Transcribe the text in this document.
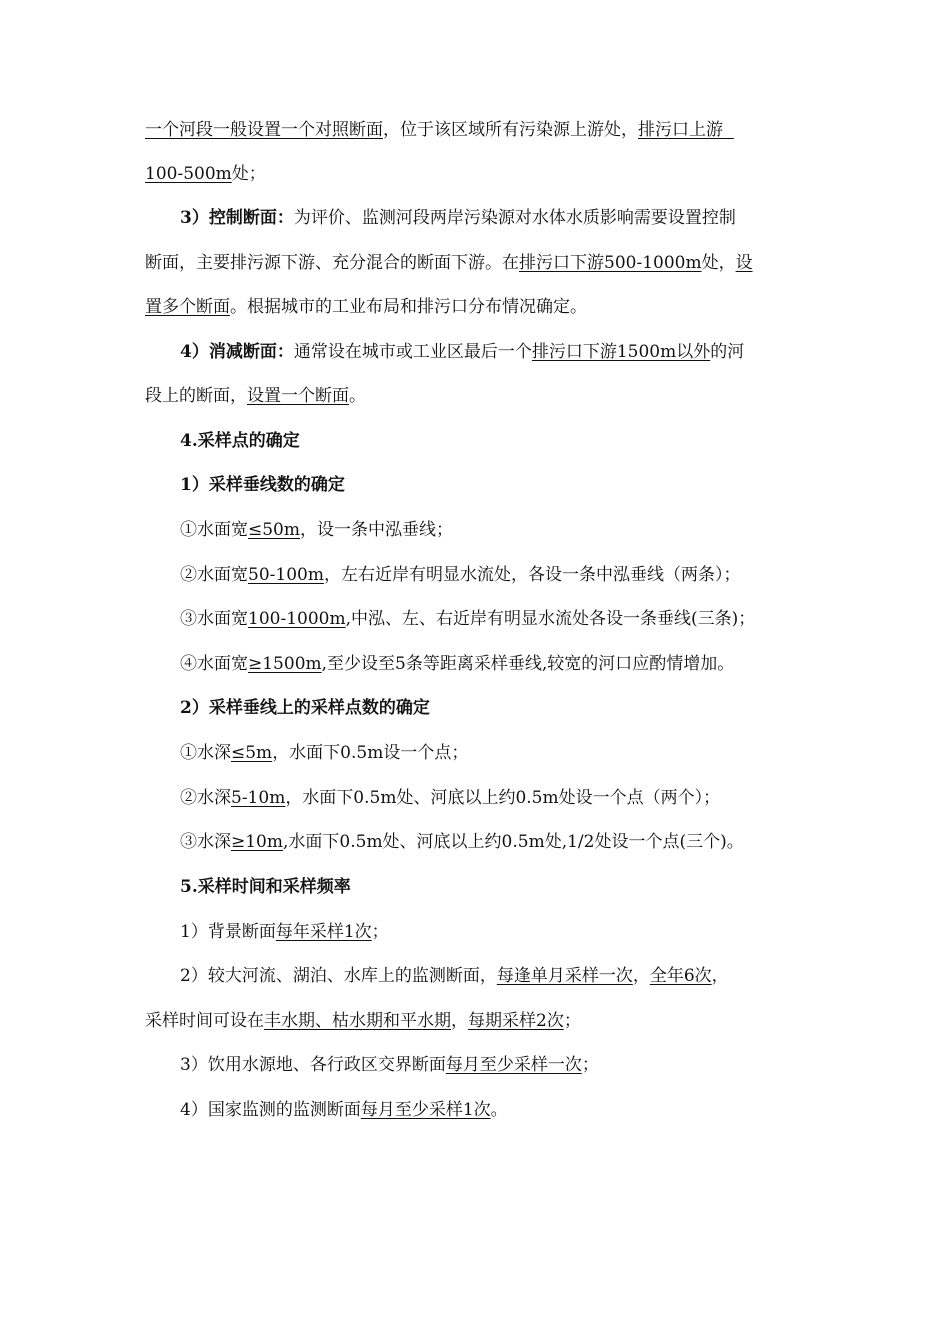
一个河段一般设置一个对照断面，位于该区域所有污染源上游处，排污口上游
100-500m处；
3）控制断面：为评价、监测河段两岸污染源对水体水质影响需要设置控制
断面，主要排污源下游、充分混合的断面下游。在排污口下游500-1000m处，设
置多个断面。根据城市的工业布局和排污口分布情况确定。
4）消减断面：通常设在城市或工业区最后一个排污口下游1500m以外的河
段上的断面，设置一个断面。
4.采样点的确定
1）采样垂线数的确定
①水面宽≤50m，设一条中泓垂线；
②水面宽50-100m，左右近岸有明显水流处，各设一条中泓垂线（两条）；
③水面宽100-1000m,中泓、左、右近岸有明显水流处各设一条垂线(三条)；
④水面宽≥1500m,至少设至5条等距离采样垂线,较宽的河口应酌情增加。
2）采样垂线上的采样点数的确定
①水深≤5m，水面下0.5m设一个点；
②水深5-10m，水面下0.5m处、河底以上约0.5m处设一个点（两个）；
③水深≥10m,水面下0.5m处、河底以上约0.5m处,1/2处设一个点(三个)。
5.采样时间和采样频率
1）背景断面每年采样1次；
2）较大河流、湖泊、水库上的监测断面，每逢单月采样一次，全年6次，
采样时间可设在丰水期、枯水期和平水期，每期采样2次；
3）饮用水源地、各行政区交界断面每月至少采样一次；
4）国家监测的监测断面每月至少采样1次。
